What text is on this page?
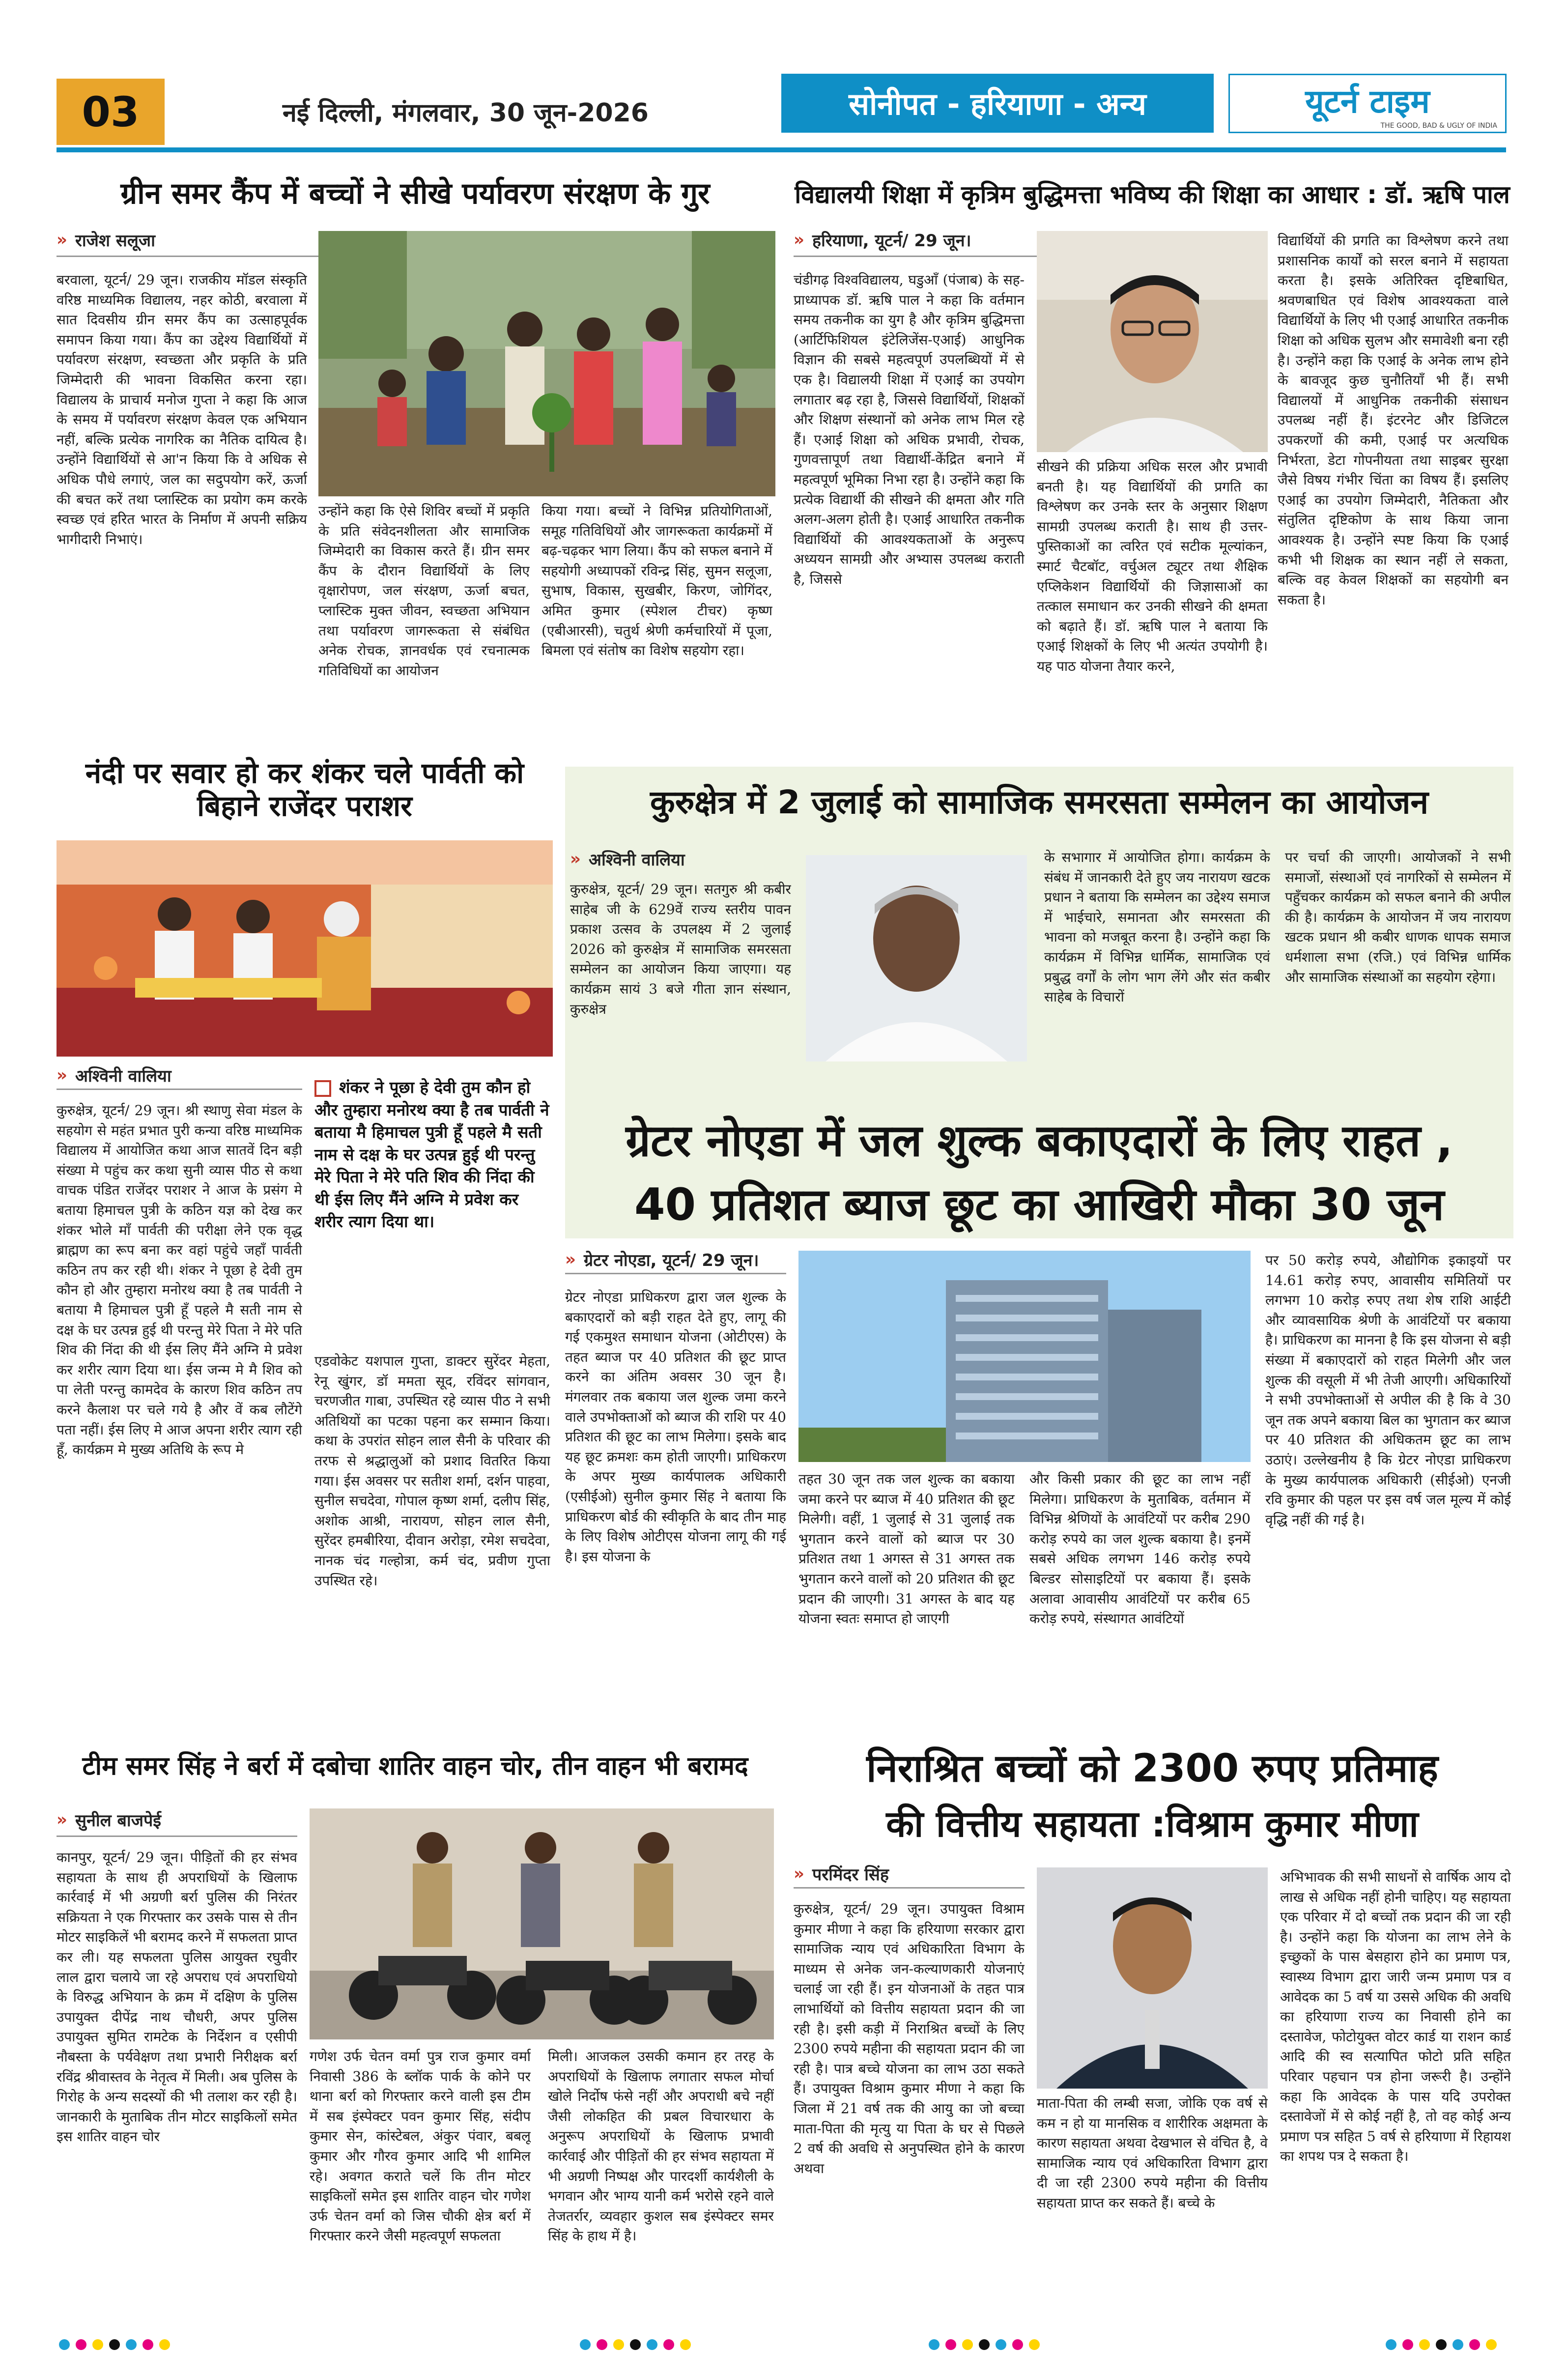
03	नई दिल्ली, मंगलवार, 30 जून-2026	सोनीपत - हरियाणा - अन्य	यूटर्न टाइम
THE GOOD, BAD & UGLY OF INDIA
ग्रीन समर कैंप में बच्चों ने सीखे पर्यावरण संरक्षण के गुर
» राजेश सलूजा
बरवाला, यूटर्न/ 29 जून। राजकीय मॉडल संस्कृति वरिष्ठ माध्यमिक विद्यालय, नहर कोठी, बरवाला में सात दिवसीय ग्रीन समर कैंप का उत्साहपूर्वक समापन किया गया। कैंप का उद्देश्य विद्यार्थियों में पर्यावरण संरक्षण, स्वच्छता और प्रकृति के प्रति जिम्मेदारी की भावना विकसित करना रहा। विद्यालय के प्राचार्य मनोज गुप्ता ने कहा कि आज के समय में पर्यावरण संरक्षण केवल एक अभियान नहीं, बल्कि प्रत्येक नागरिक का नैतिक दायित्व है। उन्होंने विद्यार्थियों से आ'न किया कि वे अधिक से अधिक पौधे लगाएं, जल का सदुपयोग करें, ऊर्जा की बचत करें तथा प्लास्टिक का प्रयोग कम करके स्वच्छ एवं हरित भारत के निर्माण में अपनी सक्रिय भागीदारी निभाएं।
उन्होंने कहा कि ऐसे शिविर बच्चों में प्रकृति के प्रति संवेदनशीलता और सामाजिक जिम्मेदारी का विकास करते हैं। ग्रीन समर कैंप के दौरान विद्यार्थियों के लिए वृक्षारोपण, जल संरक्षण, ऊर्जा बचत, प्लास्टिक मुक्त जीवन, स्वच्छता अभियान तथा पर्यावरण जागरूकता से संबंधित अनेक रोचक, ज्ञानवर्धक एवं रचनात्मक गतिविधियों का आयोजन
किया गया। बच्चों ने विभिन्न प्रतियोगिताओं, समूह गतिविधियों और जागरूकता कार्यक्रमों में बढ़-चढ़कर भाग लिया। कैंप को सफल बनाने में सहयोगी अध्यापकों रविन्द्र सिंह, सुमन सलूजा, सुभाष, विकास, सुखबीर, किरण, जोगिंदर, अमित कुमार (स्पेशल टीचर) कृष्ण (एबीआरसी), चतुर्थ श्रेणी कर्मचारियों में पूजा, बिमला एवं संतोष का विशेष सहयोग रहा।
विद्यालयी शिक्षा में कृत्रिम बुद्धिमत्ता भविष्य की शिक्षा का आधार : डॉ. ऋषि पाल
» हरियाणा, यूटर्न/ 29 जून।
चंडीगढ़ विश्वविद्यालय, घडुआँ (पंजाब) के सह-प्राध्यापक डॉ. ऋषि पाल ने कहा कि वर्तमान समय तकनीक का युग है और कृत्रिम बुद्धिमत्ता (आर्टिफिशियल इंटेलिजेंस-एआई) आधुनिक विज्ञान की सबसे महत्वपूर्ण उपलब्धियों में से एक है। विद्यालयी शिक्षा में एआई का उपयोग लगातार बढ़ रहा है, जिससे विद्यार्थियों, शिक्षकों और शिक्षण संस्थानों को अनेक लाभ मिल रहे हैं। एआई शिक्षा को अधिक प्रभावी, रोचक, गुणवत्तापूर्ण तथा विद्यार्थी-केंद्रित बनाने में महत्वपूर्ण भूमिका निभा रहा है। उन्होंने कहा कि प्रत्येक विद्यार्थी की सीखने की क्षमता और गति अलग-अलग होती है। एआई आधारित तकनीक विद्यार्थियों की आवश्यकताओं के अनुरूप अध्ययन सामग्री और अभ्यास उपलब्ध कराती है, जिससे
सीखने की प्रक्रिया अधिक सरल और प्रभावी बनती है। यह विद्यार्थियों की प्रगति का विश्लेषण कर उनके स्तर के अनुसार शिक्षण सामग्री उपलब्ध कराती है। साथ ही उत्तर-पुस्तिकाओं का त्वरित एवं सटीक मूल्यांकन, स्मार्ट चैटबॉट, वर्चुअल ट्यूटर तथा शैक्षिक एप्लिकेशन विद्यार्थियों की जिज्ञासाओं का तत्काल समाधान कर उनकी सीखने की क्षमता को बढ़ाते हैं। डॉ. ऋषि पाल ने बताया कि एआई शिक्षकों के लिए भी अत्यंत उपयोगी है। यह पाठ योजना तैयार करने,
विद्यार्थियों की प्रगति का विश्लेषण करने तथा प्रशासनिक कार्यों को सरल बनाने में सहायता करता है। इसके अतिरिक्त दृष्टिबाधित, श्रवणबाधित एवं विशेष आवश्यकता वाले विद्यार्थियों के लिए भी एआई आधारित तकनीक शिक्षा को अधिक सुलभ और समावेशी बना रही है। उन्होंने कहा कि एआई के अनेक लाभ होने के बावजूद कुछ चुनौतियाँ भी हैं। सभी विद्यालयों में आधुनिक तकनीकी संसाधन उपलब्ध नहीं हैं। इंटरनेट और डिजिटल उपकरणों की कमी, एआई पर अत्यधिक निर्भरता, डेटा गोपनीयता तथा साइबर सुरक्षा जैसे विषय गंभीर चिंता का विषय हैं। इसलिए एआई का उपयोग जिम्मेदारी, नैतिकता और संतुलित दृष्टिकोण के साथ किया जाना आवश्यक है। उन्होंने स्पष्ट किया कि एआई कभी भी शिक्षक का स्थान नहीं ले सकता, बल्कि वह केवल शिक्षकों का सहयोगी बन सकता है।
नंदी पर सवार हो कर शंकर चले पार्वती को बिहाने राजेंदर पराशर
» अश्विनी वालिया
कुरुक्षेत्र, यूटर्न/ 29 जून। श्री स्थाणु सेवा मंडल के सहयोग से महंत प्रभात पुरी कन्या वरिष्ठ माध्यमिक विद्यालय में आयोजित कथा आज सातवें दिन बड़ी संख्या मे पहुंच कर कथा सुनी व्यास पीठ से कथा वाचक पंडित राजेंदर पराशर ने आज के प्रसंग मे बताया हिमाचल पुत्री के कठिन यज्ञ को देख कर शंकर भोले माँ पार्वती की परीक्षा लेने एक वृद्ध ब्राह्मण का रूप बना कर वहां पहुंचे जहाँ पार्वती कठिन तप कर रही थी। शंकर ने पूछा हे देवी तुम कौन हो और तुम्हारा मनोरथ क्या है तब पार्वती ने बताया मै हिमाचल पुत्री हूँ पहले मै सती नाम से दक्ष के घर उत्पन्न हुई थी परन्तु मेरे पिता ने मेरे पति शिव की निंदा की थी ईस लिए मैंने अग्नि मे प्रवेश कर शरीर त्याग दिया था। ईस जन्म मे मै शिव को पा लेती परन्तु कामदेव के कारण शिव कठिन तप करने कैलाश पर चले गये है और वें कब लौटेंगे पता नहीं। ईस लिए मे आज अपना शरीर त्याग रही हूँ, कार्यक्रम मे मुख्य अतिथि के रूप मे
शंकर ने पूछा हे देवी तुम कौन हो और तुम्हारा मनोरथ क्या है तब पार्वती ने बताया मै हिमाचल पुत्री हूँ पहले मै सती नाम से दक्ष के घर उत्पन्न हुई थी परन्तु मेरे पिता ने मेरे पति शिव की निंदा की थी ईस लिए मैंने अग्नि मे प्रवेश कर शरीर त्याग दिया था।
एडवोकेट यशपाल गुप्ता, डाक्टर सुरेंदर मेहता, रेनू खुंगर, डॉ ममता सूद, रविंदर सांगवान, चरणजीत गाबा, उपस्थित रहे व्यास पीठ ने सभी अतिथियों का पटका पहना कर सम्मान किया। कथा के उपरांत सोहन लाल सैनी के परिवार की तरफ से श्रद्धालुओं को प्रशाद वितरित किया गया। ईस अवसर पर सतीश शर्मा, दर्शन पाहवा, सुनील सचदेवा, गोपाल कृष्ण शर्मा, दलीप सिंह, अशोक आश्री, नारायण, सोहन लाल सैनी, सुरेंदर हमबीरिया, दीवान अरोड़ा, रमेश सचदेवा, नानक चंद गल्होत्रा, कर्म चंद, प्रवीण गुप्ता उपस्थित रहे।
कुरुक्षेत्र में 2 जुलाई को सामाजिक समरसता सम्मेलन का आयोजन
» अश्विनी वालिया
कुरुक्षेत्र, यूटर्न/ 29 जून। सतगुरु श्री कबीर साहेब जी के 629वें राज्य स्तरीय पावन प्रकाश उत्सव के उपलक्ष्य में 2 जुलाई 2026 को कुरुक्षेत्र में सामाजिक समरसता सम्मेलन का आयोजन किया जाएगा। यह कार्यक्रम सायं 3 बजे गीता ज्ञान संस्थान, कुरुक्षेत्र
के सभागार में आयोजित होगा। कार्यक्रम के संबंध में जानकारी देते हुए जय नारायण खटक प्रधान ने बताया कि सम्मेलन का उद्देश्य समाज में भाईचारे, समानता और समरसता की भावना को मजबूत करना है। उन्होंने कहा कि कार्यक्रम में विभिन्न धार्मिक, सामाजिक एवं प्रबुद्ध वर्गों के लोग भाग लेंगे और संत कबीर साहेब के विचारों
पर चर्चा की जाएगी। आयोजकों ने सभी समाजों, संस्थाओं एवं नागरिकों से सम्मेलन में पहुँचकर कार्यक्रम को सफल बनाने की अपील की है। कार्यक्रम के आयोजन में जय नारायण खटक प्रधान श्री कबीर धाणक धापक समाज धर्मशाला सभा (रजि.) एवं विभिन्न धार्मिक और सामाजिक संस्थाओं का सहयोग रहेगा।
ग्रेटर नोएडा में जल शुल्क बकाएदारों के लिए राहत ,
40 प्रतिशत ब्याज छूट का आखिरी मौका 30 जून
» ग्रेटर नोएडा, यूटर्न/ 29 जून।
ग्रेटर नोएडा प्राधिकरण द्वारा जल शुल्क के बकाएदारों को बड़ी राहत देते हुए, लागू की गई एकमुश्त समाधान योजना (ओटीएस) के तहत ब्याज पर 40 प्रतिशत की छूट प्राप्त करने का अंतिम अवसर 30 जून है। मंगलवार तक बकाया जल शुल्क जमा करने वाले उपभोक्ताओं को ब्याज की राशि पर 40 प्रतिशत की छूट का लाभ मिलेगा। इसके बाद यह छूट क्रमशः कम होती जाएगी। प्राधिकरण के अपर मुख्य कार्यपालक अधिकारी (एसीईओ) सुनील कुमार सिंह ने बताया कि प्राधिकरण बोर्ड की स्वीकृति के बाद तीन माह के लिए विशेष ओटीएस योजना लागू की गई है। इस योजना के
तहत 30 जून तक जल शुल्क का बकाया जमा करने पर ब्याज में 40 प्रतिशत की छूट मिलेगी। वहीं, 1 जुलाई से 31 जुलाई तक भुगतान करने वालों को ब्याज पर 30 प्रतिशत तथा 1 अगस्त से 31 अगस्त तक भुगतान करने वालों को 20 प्रतिशत की छूट प्रदान की जाएगी। 31 अगस्त के बाद यह योजना स्वतः समाप्त हो जाएगी
और किसी प्रकार की छूट का लाभ नहीं मिलेगा। प्राधिकरण के मुताबिक, वर्तमान में विभिन्न श्रेणियों के आवंटियों पर करीब 290 करोड़ रुपये का जल शुल्क बकाया है। इनमें सबसे अधिक लगभग 146 करोड़ रुपये बिल्डर सोसाइटियों पर बकाया हैं। इसके अलावा आवासीय आवंटियों पर करीब 65 करोड़ रुपये, संस्थागत आवंटियों
पर 50 करोड़ रुपये, औद्योगिक इकाइयों पर 14.61 करोड़ रुपए, आवासीय समितियों पर लगभग 10 करोड़ रुपए तथा शेष राशि आईटी और व्यावसायिक श्रेणी के आवंटियों पर बकाया है। प्राधिकरण का मानना है कि इस योजना से बड़ी संख्या में बकाएदारों को राहत मिलेगी और जल शुल्क की वसूली में भी तेजी आएगी। अधिकारियों ने सभी उपभोक्ताओं से अपील की है कि वे 30 जून तक अपने बकाया बिल का भुगतान कर ब्याज पर 40 प्रतिशत की अधिकतम छूट का लाभ उठाएं। उल्लेखनीय है कि ग्रेटर नोएडा प्राधिकरण के मुख्य कार्यपालक अधिकारी (सीईओ) एनजी रवि कुमार की पहल पर इस वर्ष जल मूल्य में कोई वृद्धि नहीं की गई है।
टीम समर सिंह ने बर्रा में दबोचा शातिर वाहन चोर, तीन वाहन भी बरामद
» सुनील बाजपेई
कानपुर, यूटर्न/ 29 जून। पीड़ितों की हर संभव सहायता के साथ ही अपराधियों के खिलाफ कार्रवाई में भी अग्रणी बर्रा पुलिस की निरंतर सक्रियता ने एक गिरफ्तार कर उसके पास से तीन मोटर साइकिलें भी बरामद करने में सफलता प्राप्त कर ली। यह सफलता पुलिस आयुक्त रघुवीर लाल द्वारा चलाये जा रहे अपराध एवं अपराधियो के विरुद्ध अभियान के क्रम में दक्षिण के पुलिस उपायुक्त दीपेंद्र नाथ चौधरी, अपर पुलिस उपायुक्त सुमित रामटेक के निर्देशन व एसीपी नौबस्ता के पर्यवेक्षण तथा प्रभारी निरीक्षक बर्रा रविंद्र श्रीवास्तव के नेतृत्व में मिली। अब पुलिस के गिरोह के अन्य सदस्यों की भी तलाश कर रही है। जानकारी के मुताबिक तीन मोटर साइकिलों समेत इस शातिर वाहन चोर
गणेश उर्फ चेतन वर्मा पुत्र राज कुमार वर्मा निवासी 386 के ब्लॉक पार्क के कोने पर थाना बर्रा को गिरफ्तार करने वाली इस टीम में सब इंस्पेक्टर पवन कुमार सिंह, संदीप कुमार सेन, कांस्टेबल, अंकुर पंवार, बबलू कुमार और गौरव कुमार आदि भी शामिल रहे। अवगत कराते चलें कि तीन मोटर साइकिलों समेत इस शातिर वाहन चोर गणेश उर्फ चेतन वर्मा को जिस चौकी क्षेत्र बर्रा में गिरफ्तार करने जैसी महत्वपूर्ण सफलता
मिली। आजकल उसकी कमान हर तरह के अपराधियों के खिलाफ लगातार सफल मोर्चा खोले निर्दोष फंसे नहीं और अपराधी बचे नहीं जैसी लोकहित की प्रबल विचारधारा के अनुरूप अपराधियों के खिलाफ प्रभावी कार्रवाई और पीड़ितों की हर संभव सहायता में भी अग्रणी निष्पक्ष और पारदर्शी कार्यशैली के भगवान और भाग्य यानी कर्म भरोसे रहने वाले तेजतर्रार, व्यवहार कुशल सब इंस्पेक्टर समर सिंह के हाथ में है।
निराश्रित बच्चों को 2300 रुपए प्रतिमाह
की वित्तीय सहायता :विश्राम कुमार मीणा
» परमिंदर सिंह
कुरुक्षेत्र, यूटर्न/ 29 जून। उपायुक्त विश्राम कुमार मीणा ने कहा कि हरियाणा सरकार द्वारा सामाजिक न्याय एवं अधिकारिता विभाग के माध्यम से अनेक जन-कल्याणकारी योजनाएं चलाई जा रही हैं। इन योजनाओं के तहत पात्र लाभार्थियों को वित्तीय सहायता प्रदान की जा रही है। इसी कड़ी में निराश्रित बच्चों के लिए 2300 रुपये महीना की सहायता प्रदान की जा रही है। पात्र बच्चे योजना का लाभ उठा सकते हैं। उपायुक्त विश्राम कुमार मीणा ने कहा कि जिला में 21 वर्ष तक की आयु का जो बच्चा माता-पिता की मृत्यु या पिता के घर से पिछले 2 वर्ष की अवधि से अनुपस्थित होने के कारण अथवा
माता-पिता की लम्बी सजा, जोकि एक वर्ष से कम न हो या मानसिक व शारीरिक अक्षमता के कारण सहायता अथवा देखभाल से वंचित है, वे सामाजिक न्याय एवं अधिकारिता विभाग द्वारा दी जा रही 2300 रुपये महीना की वित्तीय सहायता प्राप्त कर सकते हैं। बच्चे के
अभिभावक की सभी साधनों से वार्षिक आय दो लाख से अधिक नहीं होनी चाहिए। यह सहायता एक परिवार में दो बच्चों तक प्रदान की जा रही है। उन्होंने कहा कि योजना का लाभ लेने के इच्छुकों के पास बेसहारा होने का प्रमाण पत्र, स्वास्थ्य विभाग द्वारा जारी जन्म प्रमाण पत्र व आवेदक का 5 वर्ष या उससे अधिक की अवधि का हरियाणा राज्य का निवासी होने का दस्तावेज, फोटोयुक्त वोटर कार्ड या राशन कार्ड आदि की स्व सत्यापित फोटो प्रति सहित परिवार पहचान पत्र होना जरूरी है। उन्होंने कहा कि आवेदक के पास यदि उपरोक्त दस्तावेजों में से कोई नहीं है, तो वह कोई अन्य प्रमाण पत्र सहित 5 वर्ष से हरियाणा में रिहायश का शपथ पत्र दे सकता है।
